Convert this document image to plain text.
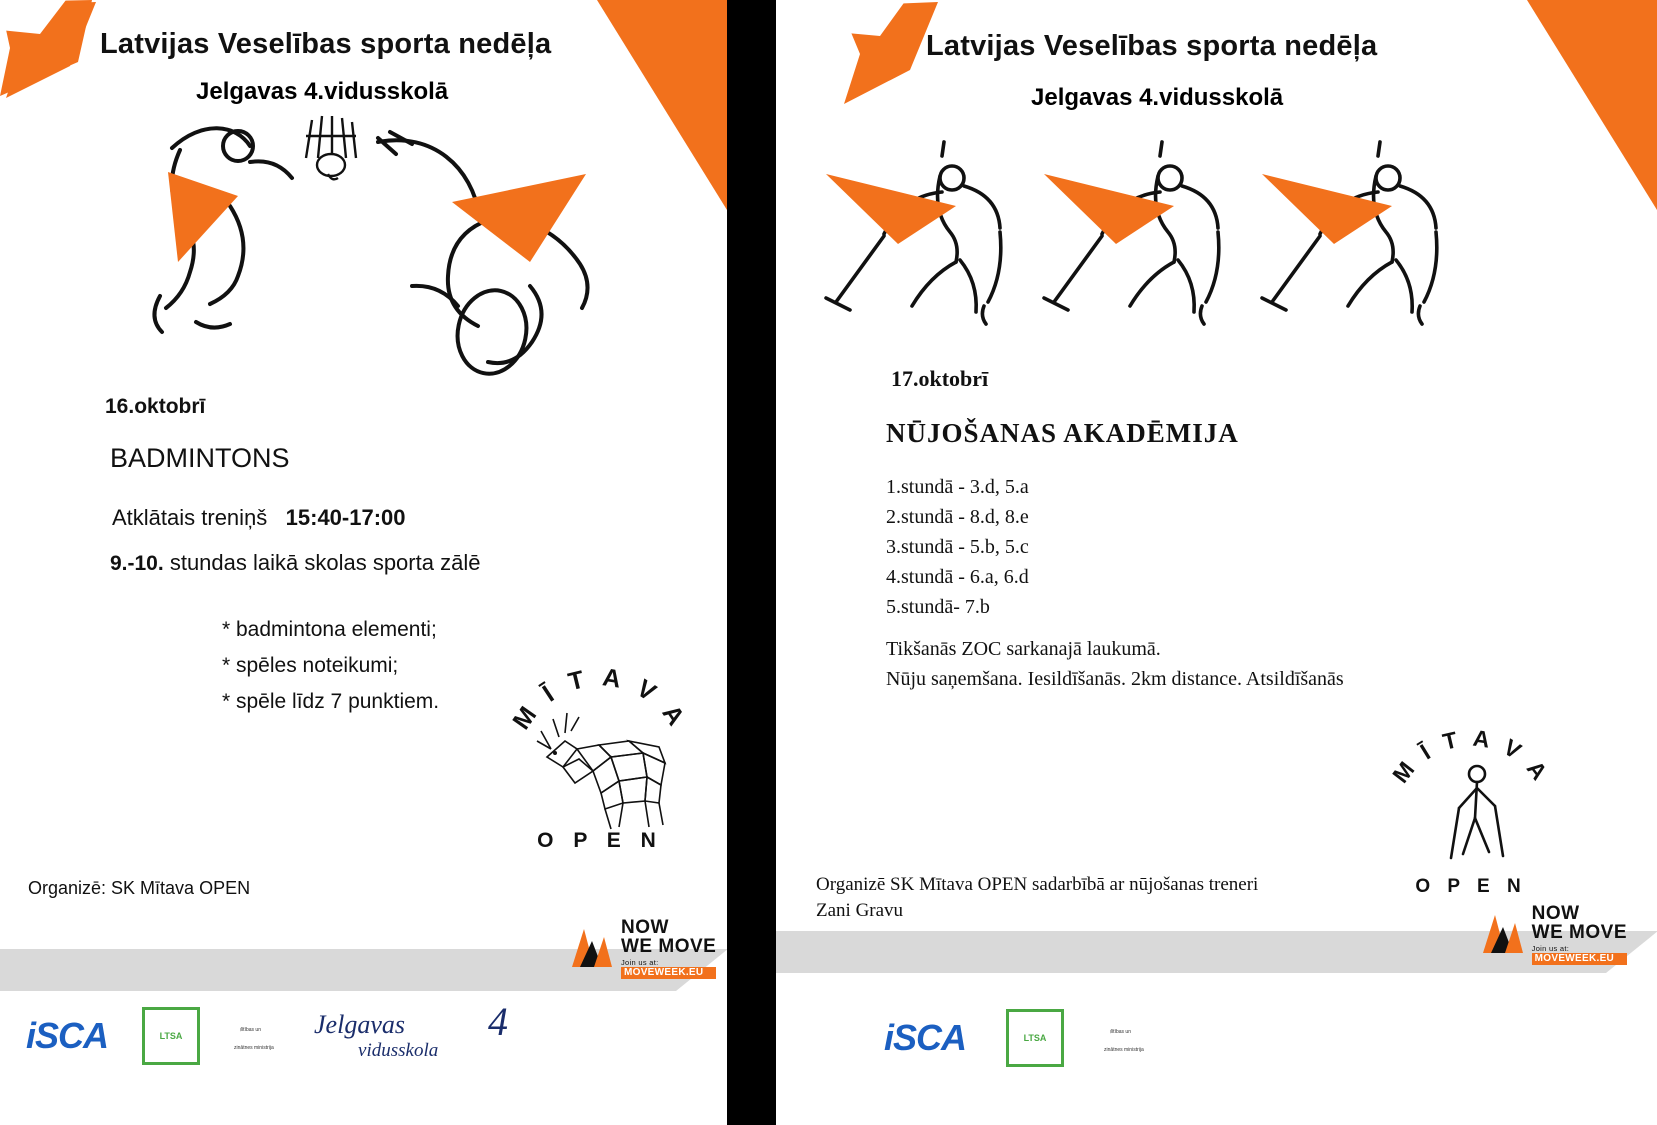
Latvijas Veselības sporta nedēļa
Jelgavas 4.vidusskolā
16.oktobrī
BADMINTONS
Atklātais treniņš 15:40-17:00
9.-10. stundas laikā skolas sporta zālē
* badmintona elementi;
* spēles noteikumi;
* spēle līdz 7 punktiem.	M Ī T A V A
O P E N
Organizē: SK Mītava OPEN
NOW
WE MOVE
Join us at:
MOVEWEEK.EU
iSCA	LTSA
Izglītības un zinātnes ministrija
Jelgavas
vidusskola
4
Latvijas Veselības sporta nedēļa
Jelgavas 4.vidusskolā
17.oktobrī
NŪJOŠANAS AKADĒMIJA
1.stundā - 3.d, 5.a
2.stundā - 8.d, 8.e
3.stundā - 5.b, 5.c
4.stundā - 6.a, 6.d
5.stundā- 7.b
Tikšanās ZOC sarkanajā laukumā.
Nūju saņemšana. Iesildīšanās. 2km distance. Atsildīšanās
M Ī T A V A
O P E N
Organizē SK Mītava OPEN sadarbībā ar nūjošanas treneri
Zani Gravu	NOW
WE MOVE
Join us at:
MOVEWEEK.EU
iSCA	LTSA
Izglītības un zinātnes ministrija
